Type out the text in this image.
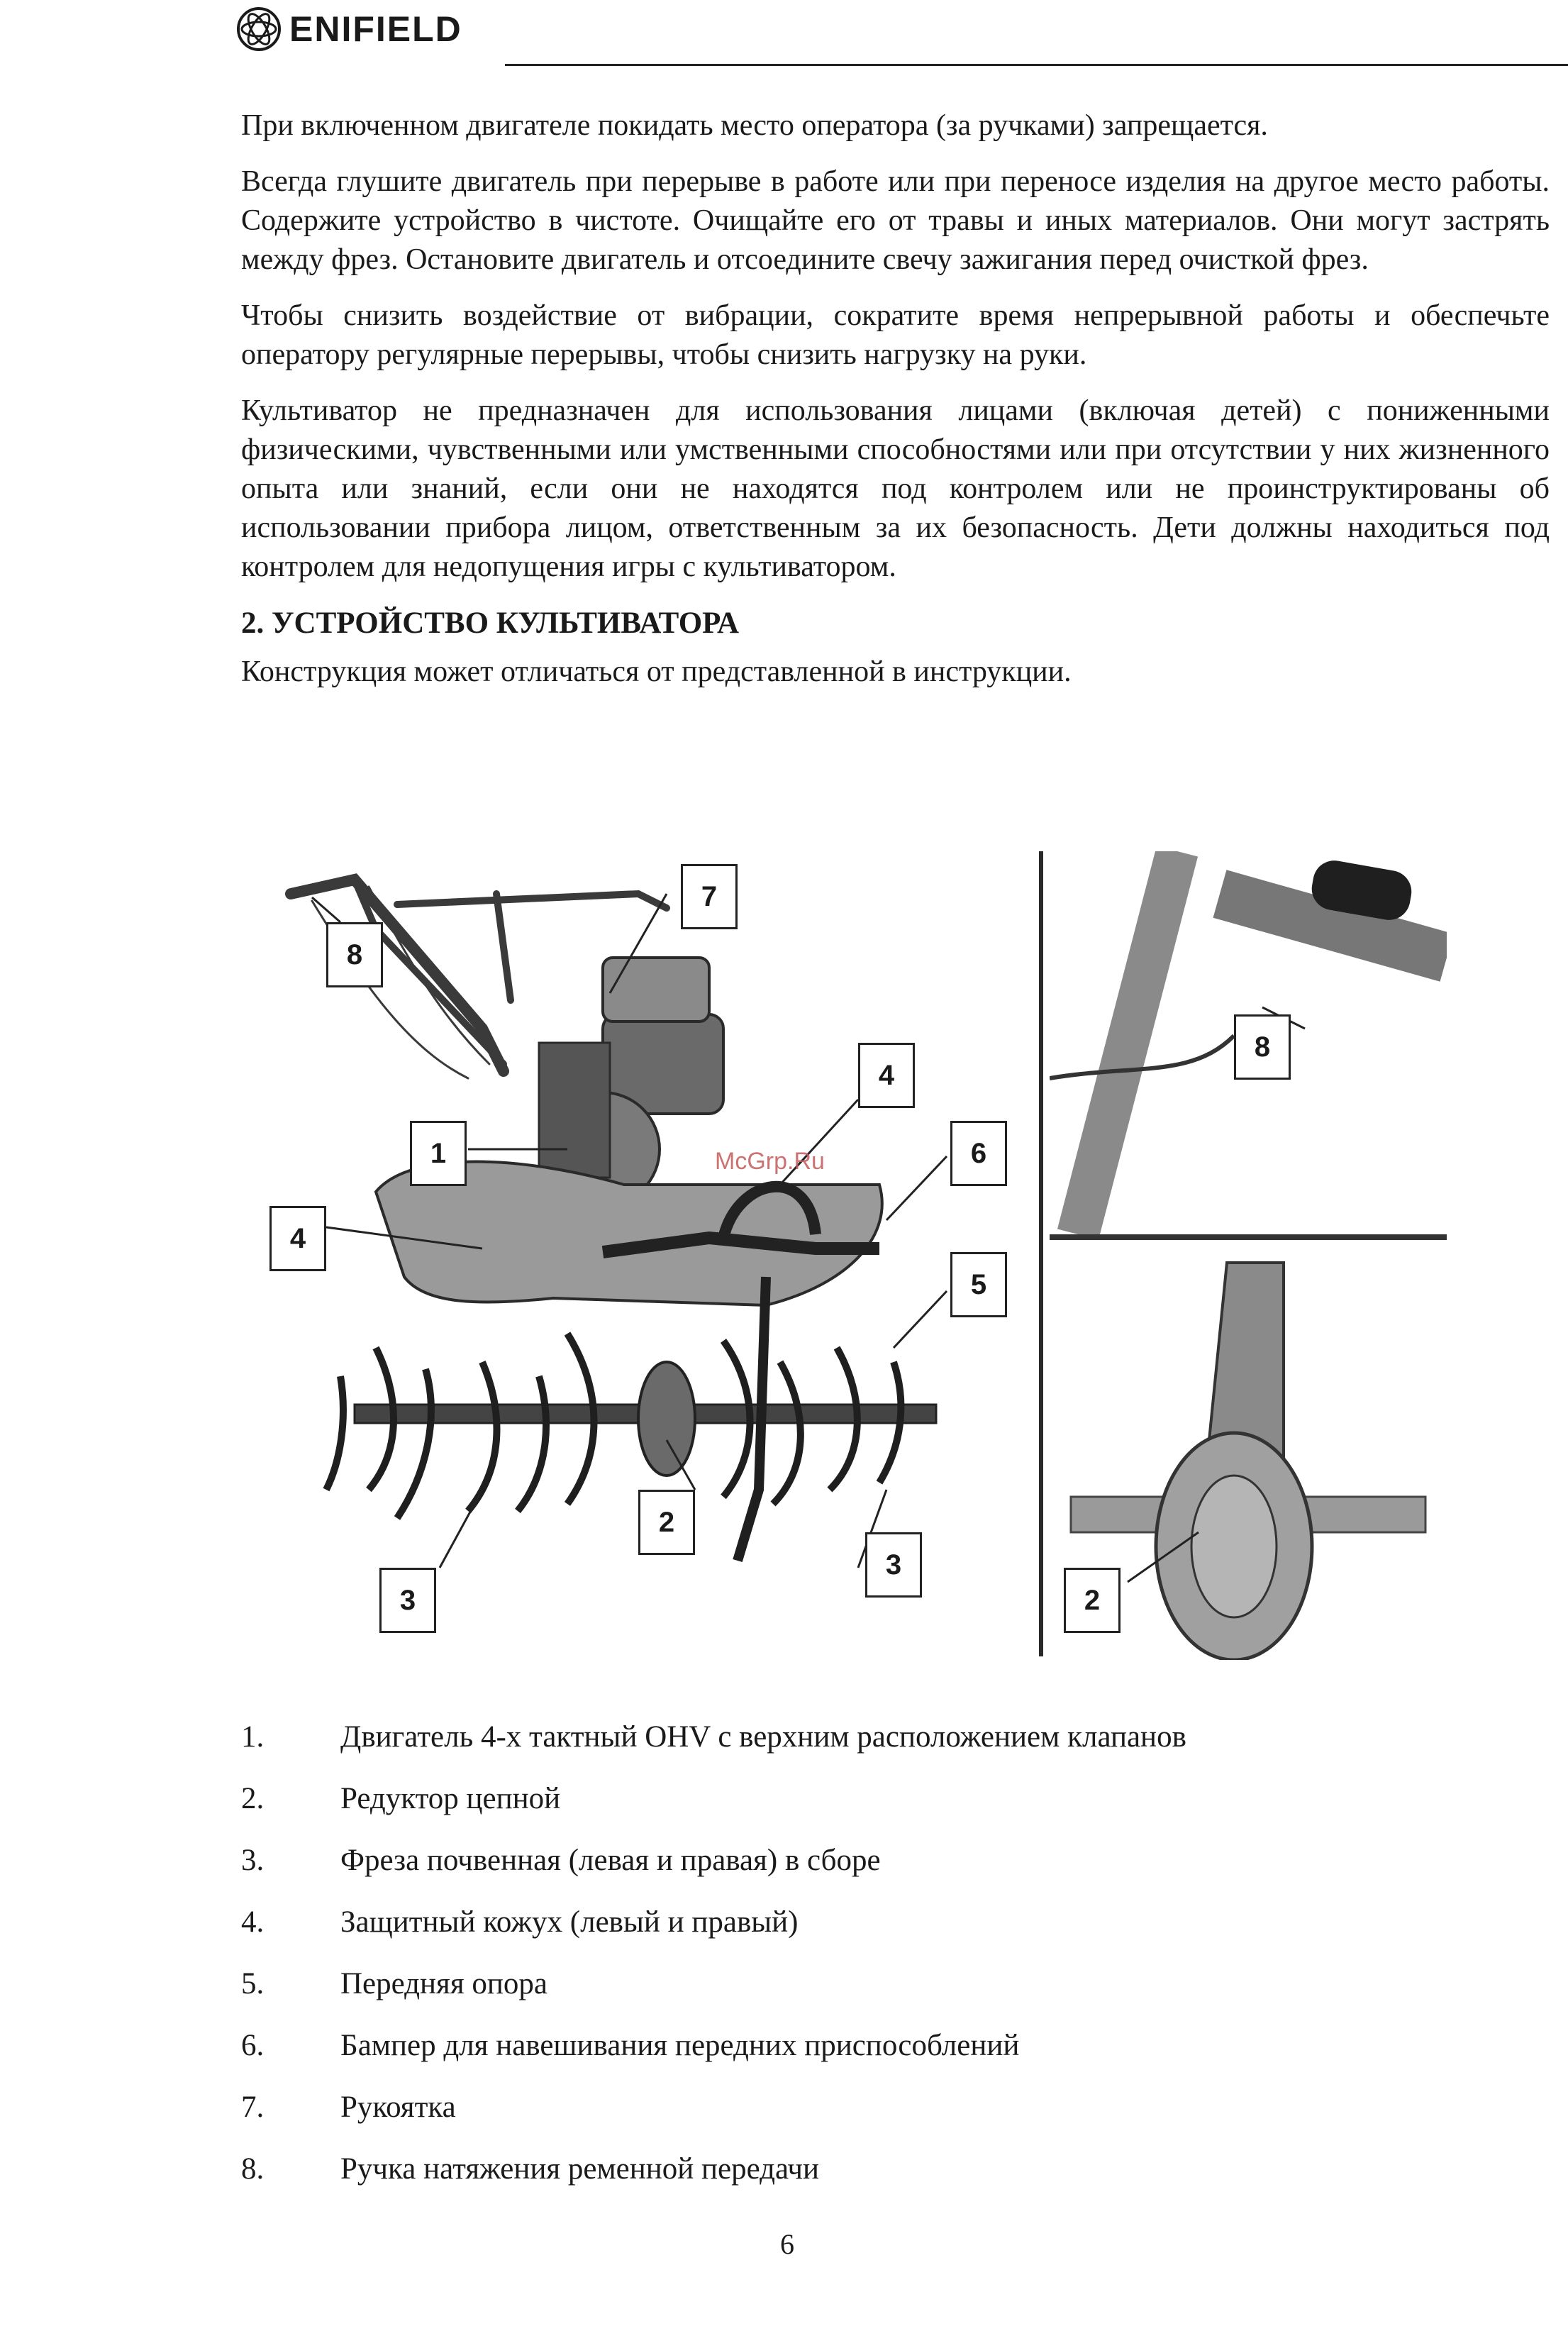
ENIFIELD

При включенном двигателе покидать место оператора (за ручками) запрещается.

Всегда глушите двигатель при перерыве в работе или при переносе изделия на другое место работы. Содержите устройство в чистоте. Очищайте его от травы и иных материалов. Они могут застрять между фрез. Остановите двигатель и отсоедините свечу зажигания перед очисткой фрез.

Чтобы снизить воздействие от вибрации, сократите время непрерывной работы и обеспечьте оператору регулярные перерывы, чтобы снизить нагрузку на руки.

Культиватор не предназначен для использования лицами (включая детей) с пониженными физическими, чувственными или умственными способностями или при отсутствии у них жизненного опыта или знаний, если они не находятся под контролем или не проинструктированы об использовании прибора лицом, ответственным за их безопасность. Дети должны находиться под контролем для недопущения игры с культиватором.

2. УСТРОЙСТВО КУЛЬТИВАТОРА

Конструкция может отличаться от представленной в инструкции.

8
7
4
1
4
6
5
2
3
3
McGrp.Ru
8
2
1.	Двигатель 4-х тактный OHV с верхним расположением клапанов
2.	Редуктор цепной
3.	Фреза почвенная (левая и правая) в сборе
4.	Защитный кожух (левый и правый)
5.	Передняя опора
6.	Бампер для навешивания передних приспособлений
7.	Рукоятка
8.	Ручка натяжения ременной передачи
6
